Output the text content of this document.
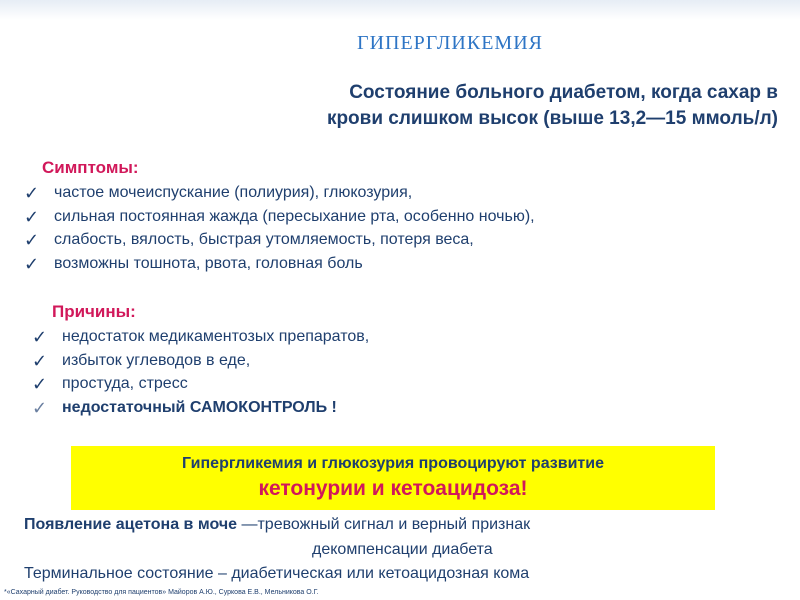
ГИПЕРГЛИКЕМИЯ
Состояние больного диабетом, когда сахар в
крови слишком высок (выше 13,2—15 ммоль/л)
Симптомы:
✓ частое мочеиспускание (полиурия), глюкозурия,
✓ сильная постоянная жажда (пересыхание рта, особенно ночью),
✓ слабость, вялость, быстрая утомляемость, потеря веса,
✓ возможны тошнота, рвота, головная боль
Причины:
✓ недостаток медикаментозых препаратов,
✓ избыток углеводов в еде,
✓ простуда, стресс
✓ недостаточный САМОКОНТРОЛЬ !
Гипергликемия и глюкозурия провоцируют развитие
кетонурии и кетоацидоза!
Появление ацетона в моче —тревожный сигнал и верный признак
декомпенсации диабета
Терминальное состояние – диабетическая или кетоацидозная кома
*«Сахарный диабет. Руководство для пациентов» Майоров А.Ю., Суркова Е.В., Мельникова О.Г.
